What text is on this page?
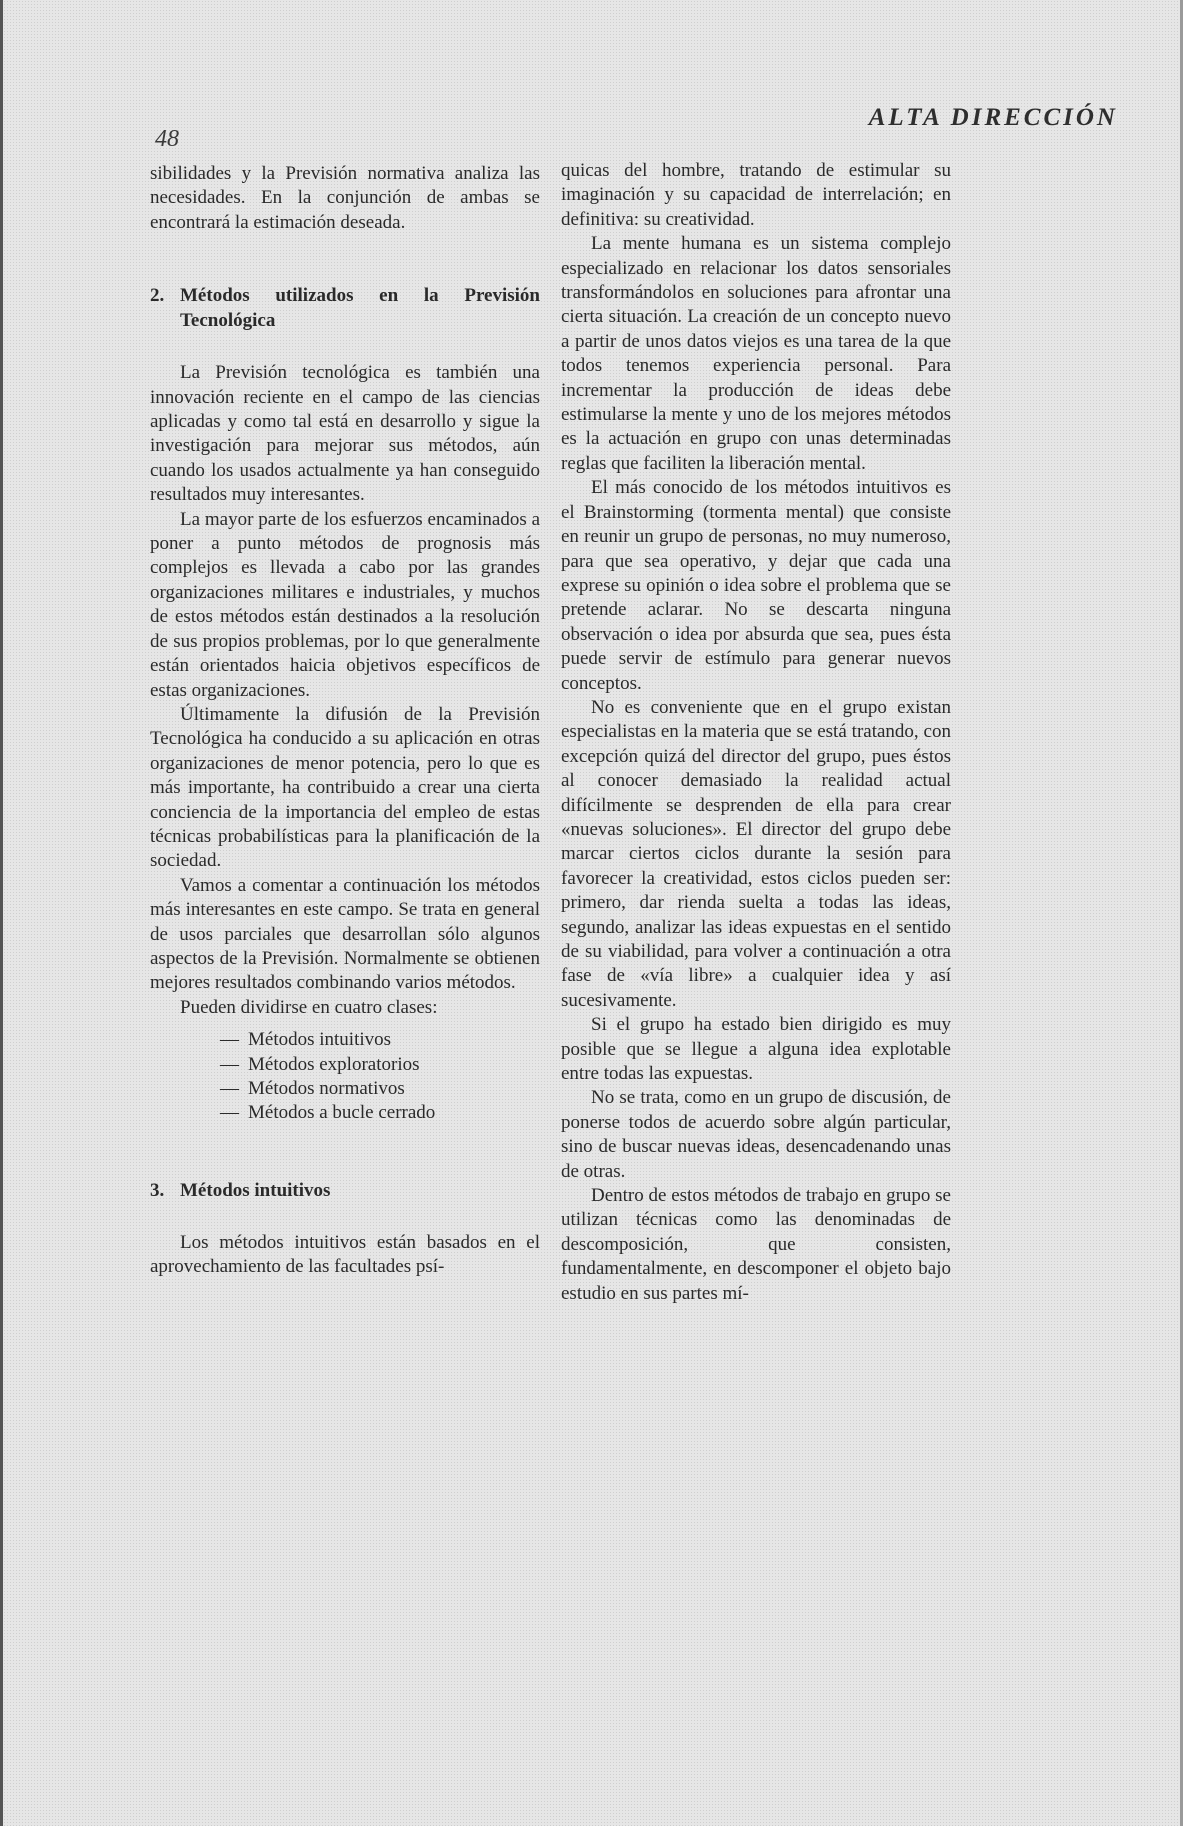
48
ALTA DIRECCIÓN

sibilidades y la Previsión normativa analiza las necesidades. En la conjunción de ambas se encontrará la estimación deseada.

2. Métodos utilizados en la Previsión Tecnológica

La Previsión tecnológica es también una innovación reciente en el campo de las ciencias aplicadas y como tal está en desarrollo y sigue la investigación para mejorar sus métodos, aún cuando los usados actualmente ya han conseguido resultados muy interesantes.

La mayor parte de los esfuerzos encaminados a poner a punto métodos de prognosis más complejos es llevada a cabo por las grandes organizaciones militares e industriales, y muchos de estos métodos están destinados a la resolución de sus propios problemas, por lo que generalmente están orientados haicia objetivos específicos de estas organizaciones.

Últimamente la difusión de la Previsión Tecnológica ha conducido a su aplicación en otras organizaciones de menor potencia, pero lo que es más importante, ha contribuido a crear una cierta conciencia de la importancia del empleo de estas técnicas probabilísticas para la planificación de la sociedad.

Vamos a comentar a continuación los métodos más interesantes en este campo. Se trata en general de usos parciales que desarrollan sólo algunos aspectos de la Previsión. Normalmente se obtienen mejores resultados combinando varios métodos.

Pueden dividirse en cuatro clases:

— Métodos intuitivos
— Métodos exploratorios
— Métodos normativos
— Métodos a bucle cerrado

3. Métodos intuitivos

Los métodos intuitivos están basados en el aprovechamiento de las facultades psí-

quicas del hombre, tratando de estimular su imaginación y su capacidad de interrelación; en definitiva: su creatividad.

La mente humana es un sistema complejo especializado en relacionar los datos sensoriales transformándolos en soluciones para afrontar una cierta situación. La creación de un concepto nuevo a partir de unos datos viejos es una tarea de la que todos tenemos experiencia personal. Para incrementar la producción de ideas debe estimularse la mente y uno de los mejores métodos es la actuación en grupo con unas determinadas reglas que faciliten la liberación mental.

El más conocido de los métodos intuitivos es el Brainstorming (tormenta mental) que consiste en reunir un grupo de personas, no muy numeroso, para que sea operativo, y dejar que cada una exprese su opinión o idea sobre el problema que se pretende aclarar. No se descarta ninguna observación o idea por absurda que sea, pues ésta puede servir de estímulo para generar nuevos conceptos.

No es conveniente que en el grupo existan especialistas en la materia que se está tratando, con excepción quizá del director del grupo, pues éstos al conocer demasiado la realidad actual difícilmente se desprenden de ella para crear «nuevas soluciones». El director del grupo debe marcar ciertos ciclos durante la sesión para favorecer la creatividad, estos ciclos pueden ser: primero, dar rienda suelta a todas las ideas, segundo, analizar las ideas expuestas en el sentido de su viabilidad, para volver a continuación a otra fase de «vía libre» a cualquier idea y así sucesivamente.

Si el grupo ha estado bien dirigido es muy posible que se llegue a alguna idea explotable entre todas las expuestas.

No se trata, como en un grupo de discusión, de ponerse todos de acuerdo sobre algún particular, sino de buscar nuevas ideas, desencadenando unas de otras.

Dentro de estos métodos de trabajo en grupo se utilizan técnicas como las denominadas de descomposición, que consisten, fundamentalmente, en descomponer el objeto bajo estudio en sus partes mí-
